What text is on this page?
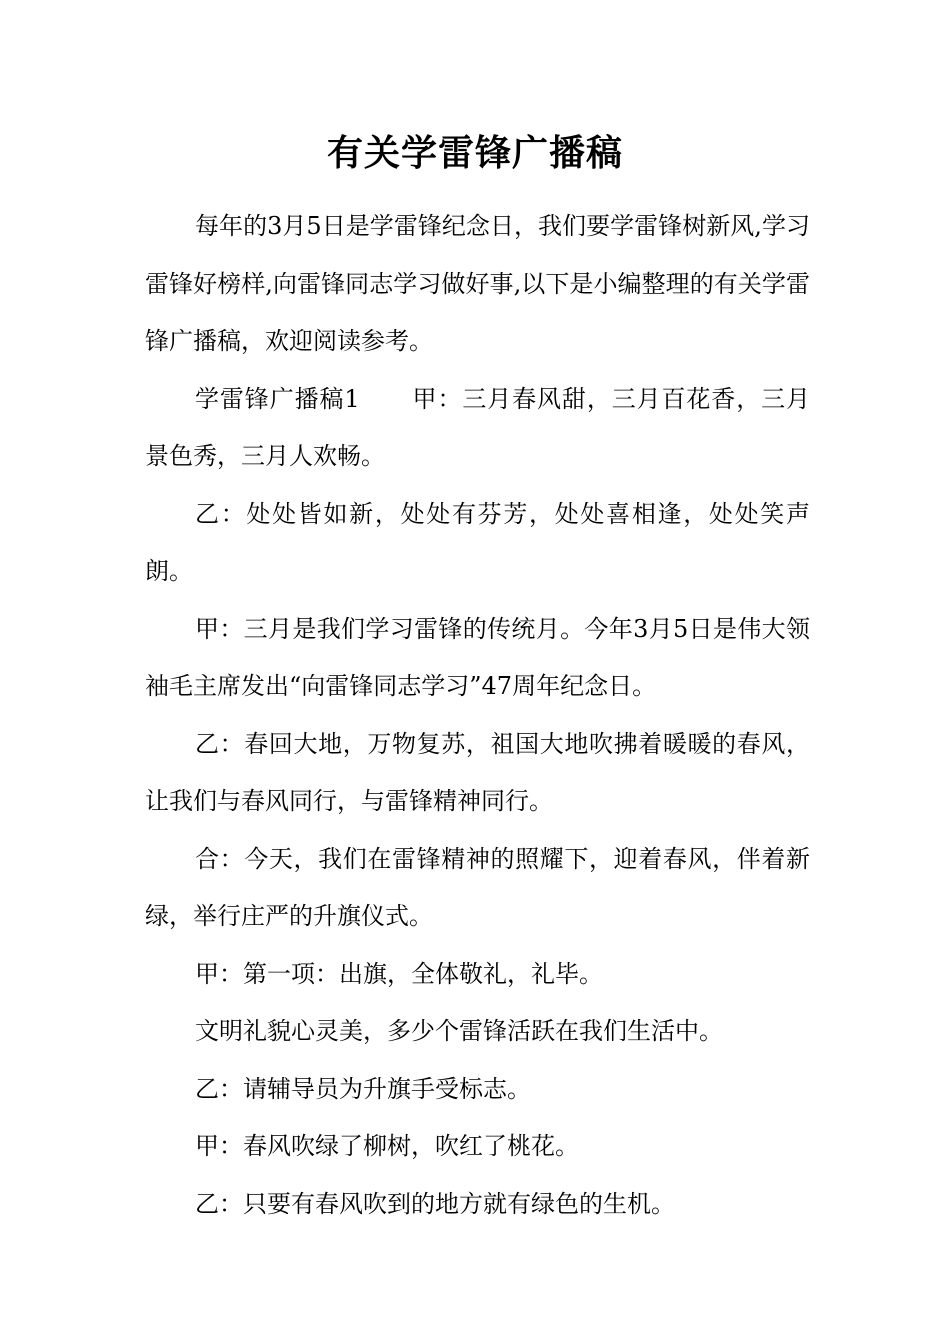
有关学雷锋广播稿

每年的3月5日是学雷锋纪念日，我们要学雷锋树新风,学习雷锋好榜样,向雷锋同志学习做好事,以下是小编整理的有关学雷锋广播稿，欢迎阅读参考。

学雷锋广播稿1 甲：三月春风甜，三月百花香，三月景色秀，三月人欢畅。

乙：处处皆如新，处处有芬芳，处处喜相逢，处处笑声朗。

甲：三月是我们学习雷锋的传统月。今年3月5日是伟大领袖毛主席发出“向雷锋同志学习”47周年纪念日。

乙：春回大地，万物复苏，祖国大地吹拂着暖暖的春风，让我们与春风同行，与雷锋精神同行。

合：今天，我们在雷锋精神的照耀下，迎着春风，伴着新绿，举行庄严的升旗仪式。

甲：第一项：出旗，全体敬礼，礼毕。

文明礼貌心灵美，多少个雷锋活跃在我们生活中。

乙：请辅导员为升旗手受标志。

甲：春风吹绿了柳树，吹红了桃花。

乙：只要有春风吹到的地方就有绿色的生机。
